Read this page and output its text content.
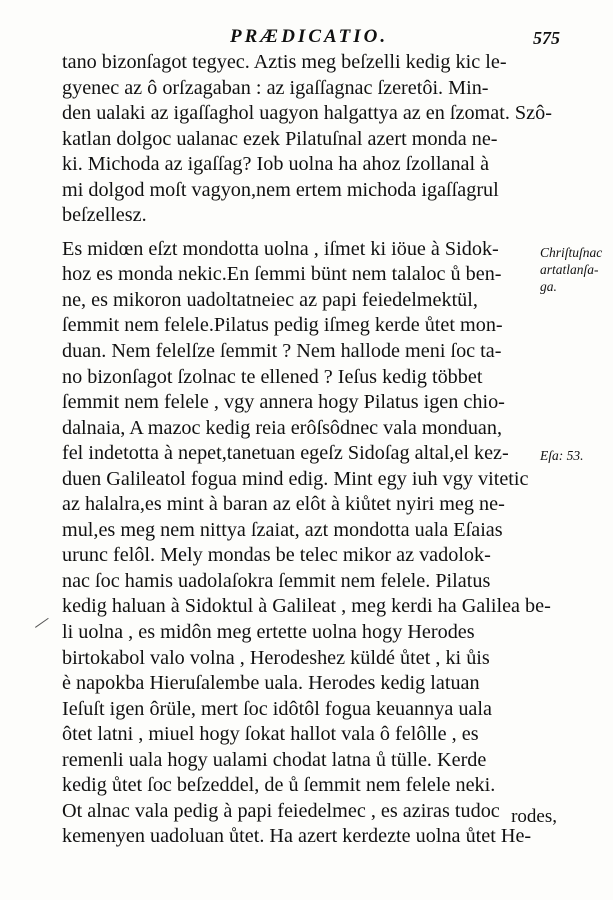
PRÆDICATIO.	575
tano bizonſagot tegyec. Aztis meg beſzelli kedig kic le-
gyenec az ô orſzagaban : az igaſſagnac ſzeretôi. Min-
den ualaki az igaſſaghol uagyon halgattya az en ſzomat. Szô-
katlan dolgoc ualanac ezek Pilatuſnal azert monda ne-
ki. Michoda az igaſſag? Iob uolna ha ahoz ſzollanal à
mi dolgod moſt vagyon,nem ertem michoda igaſſagrul
beſzellesz.
Es midœn eſzt mondotta uolna , iſmet ki iöue à Sidok-
hoz es monda nekic.En ſemmi bünt nem talaloc ů ben-
ne, es mikoron uadoltatneiec az papi feiedelmektül,
ſemmit nem felele.Pilatus pedig iſmeg kerde ůtet mon-
duan. Nem felelſze ſemmit ? Nem hallode meni ſoc ta-
no bizonſagot ſzolnac te ellened ? Ieſus kedig többet
ſemmit nem felele , vgy annera hogy Pilatus igen chio-
dalnaia, A mazoc kedig reia erôſsôdnec vala monduan,
fel indetotta à nepet,tanetuan egeſz Sidoſag altal,el kez-
duen Galileatol fogua mind edig. Mint egy iuh vgy vitetic
az halalra,es mint à baran az elôt à kiůtet nyiri meg ne-
mul,es meg nem nittya ſzaiat, azt mondotta uala Eſaias
urunc felôl. Mely mondas be telec mikor az vadolok-
nac ſoc hamis uadolaſokra ſemmit nem felele. Pilatus
kedig haluan à Sidoktul à Galileat , meg kerdi ha Galilea be-
li uolna , es midôn meg ertette uolna hogy Herodes
birtokabol valo volna , Herodeshez küldé ůtet , ki ůis
è napokba Hieruſalembe uala. Herodes kedig latuan
Ieſuſt igen ôrüle, mert ſoc idôtôl fogua keuannya uala
ôtet latni , miuel hogy ſokat hallot vala ô felôlle , es
remenli uala hogy ualami chodat latna ů tülle. Kerde
kedig ůtet ſoc beſzeddel, de ů ſemmit nem felele neki.
Ot alnac vala pedig à papi feiedelmec , es aziras tudoc
kemenyen uadoluan ůtet. Ha azert kerdezte uolna ůtet He-
Chriſtuſnac artatlanſa-ga.
Eſa: 53.
rodes,
